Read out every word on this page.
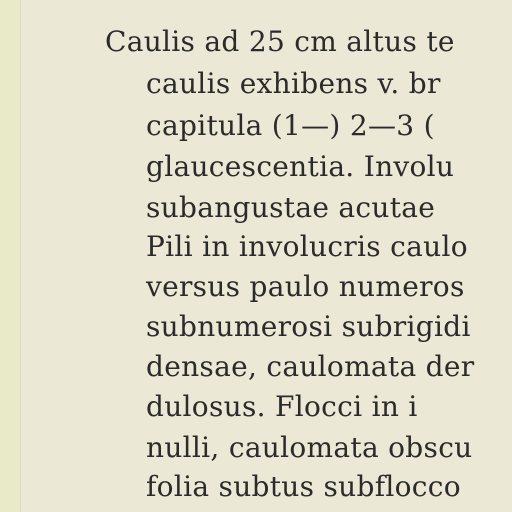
Caulis ad 25 cm altus te
caulis exhibens v. br
capitula (1—) 2—3 (
glaucescentia. Involu
subangustae acutae
Pili in involucris caulo
versus paulo numeros
subnumerosi subrigidi
densae, caulomata der
dulosus. Flocci in i
nulli, caulomata obscu
folia subtus subflocco
